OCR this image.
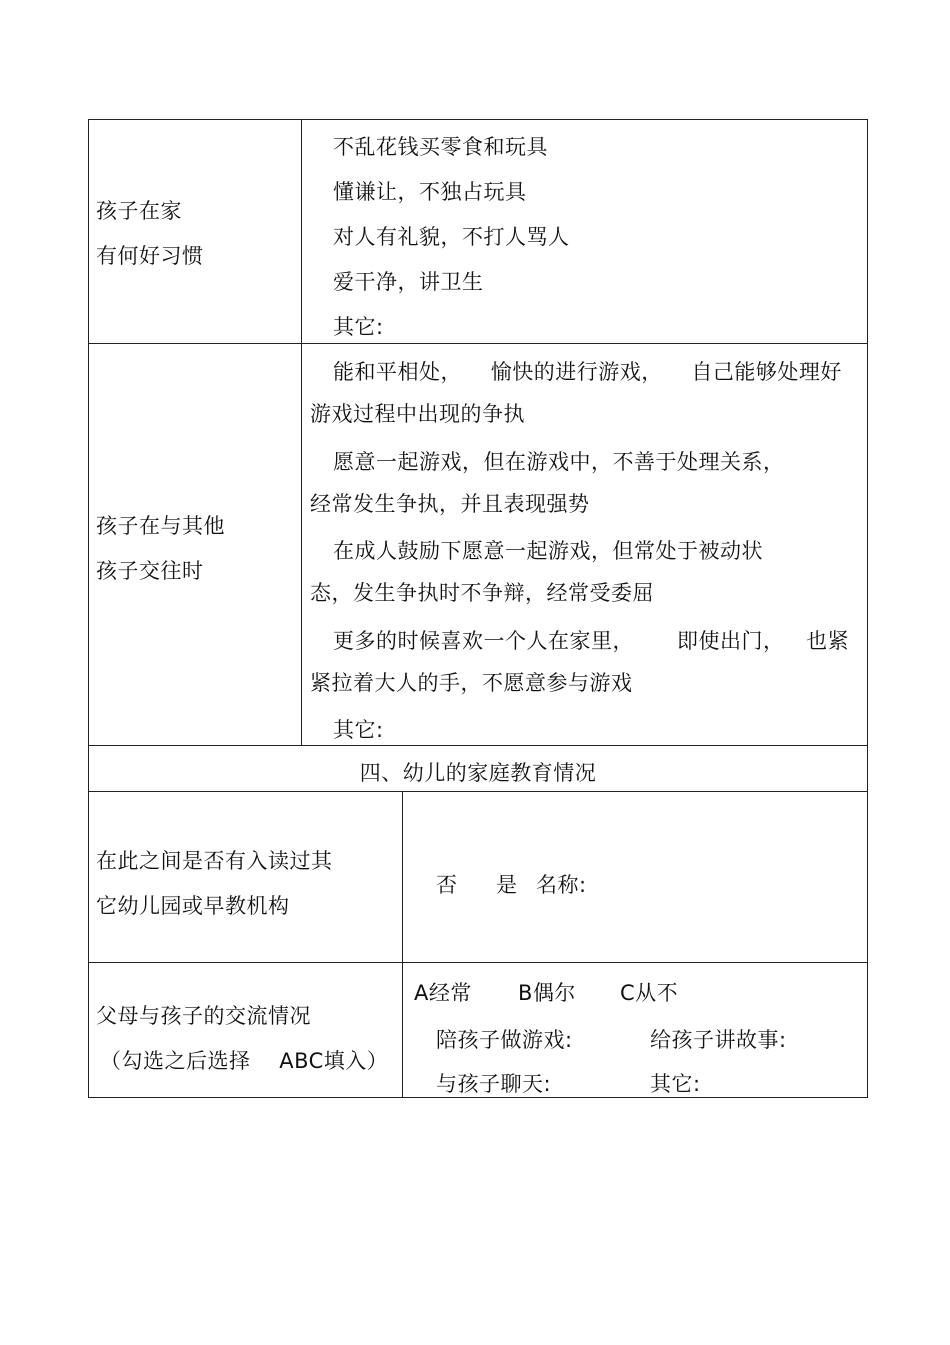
孩子在家
有何好习惯
不乱花钱买零食和玩具
懂谦让，不独占玩具
对人有礼貌，不打人骂人
爱干净，讲卫生
其它:
孩子在与其他
孩子交往时
能和平相处，    愉快的进行游戏，    自己能够处理好
游戏过程中出现的争执
愿意一起游戏，但在游戏中，不善于处理关系，
经常发生争执，并且表现强势
在成人鼓励下愿意一起游戏，但常处于被动状
态，发生争执时不争辩，经常受委屈
更多的时候喜欢一个人在家里，      即使出门，   也紧
紧拉着大人的手，不愿意参与游戏
其它:
四、幼儿的家庭教育情况
在此之间是否有入读过其
它幼儿园或早教机构
否 是 名称:
父母与孩子的交流情况
（勾选之后选择    ABC填入）
A经常 B偶尔 C从不
陪孩子做游戏:	给孩子讲故事:
与孩子聊天:	其它:
